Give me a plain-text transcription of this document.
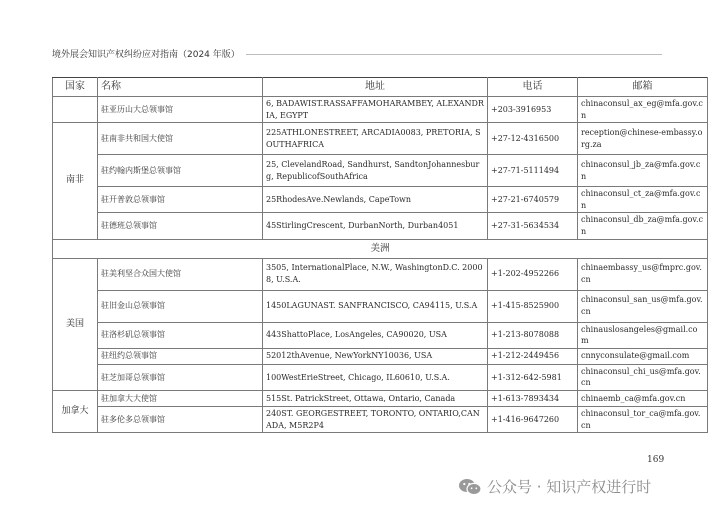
境外展会知识产权纠纷应对指南（2024 年版）
国家	名称	地址	电话	邮箱
	驻亚历山大总领事馆	6, BADAWIST.RASSAFFAMOHARAMBEY, ALEXANDRIA, EGYPT	+203-3916953	chinaconsul_ax_eg@mfa.gov.cn
南非	驻南非共和国大使馆	225ATHLONESTREET, ARCADIA0083, PRETORIA, SOUTHAFRICA	+27-12-4316500	reception@chinese-embassy.org.za
	驻约翰内斯堡总领事馆	25, ClevelandRoad, Sandhurst, SandtonJohannesburg, RepublicofSouthAfrica	+27-71-5111494	chinaconsul_jb_za@mfa.gov.cn
	驻开普敦总领事馆	25RhodesAve.Newlands, CapeTown	+27-21-6740579	chinaconsul_ct_za@mfa.gov.cn
	驻德班总领事馆	45StirlingCrescent, DurbanNorth, Durban4051	+27-31-5634534	chinaconsul_db_za@mfa.gov.cn
美洲				
美国	驻美利坚合众国大使馆	3505, InternationalPlace, N.W., WashingtonD.C. 20008, U.S.A.	+1-202-4952266	chinaembassy_us@fmprc.gov.cn
	驻旧金山总领事馆	1450LAGUNAST. SANFRANCISCO, CA94115, U.S.A	+1-415-8525900	chinaconsul_san_us@mfa.gov.cn
	驻洛杉矶总领事馆	443ShattoPlace, LosAngeles, CA90020, USA	+1-213-8078088	chinauslosangeles@gmail.com
	驻纽约总领事馆	52012thAvenue, NewYorkNY10036, USA	+1-212-2449456	cnnyconsulate@gmail.com
	驻芝加哥总领事馆	100WestErieStreet, Chicago, IL60610, U.S.A.	+1-312-642-5981	chinaconsul_chi_us@mfa.gov.cn
加拿大	驻加拿大大使馆	515St. PatrickStreet, Ottawa, Ontario, Canada	+1-613-7893434	chinaemb_ca@mfa.gov.cn
	驻多伦多总领事馆	240ST. GEORGESTREET, TORONTO, ONTARIO,CANADA, M5R2P4	+1-416-9647260	chinaconsul_tor_ca@mfa.gov.cn
169
公众号 · 知识产权进行时
